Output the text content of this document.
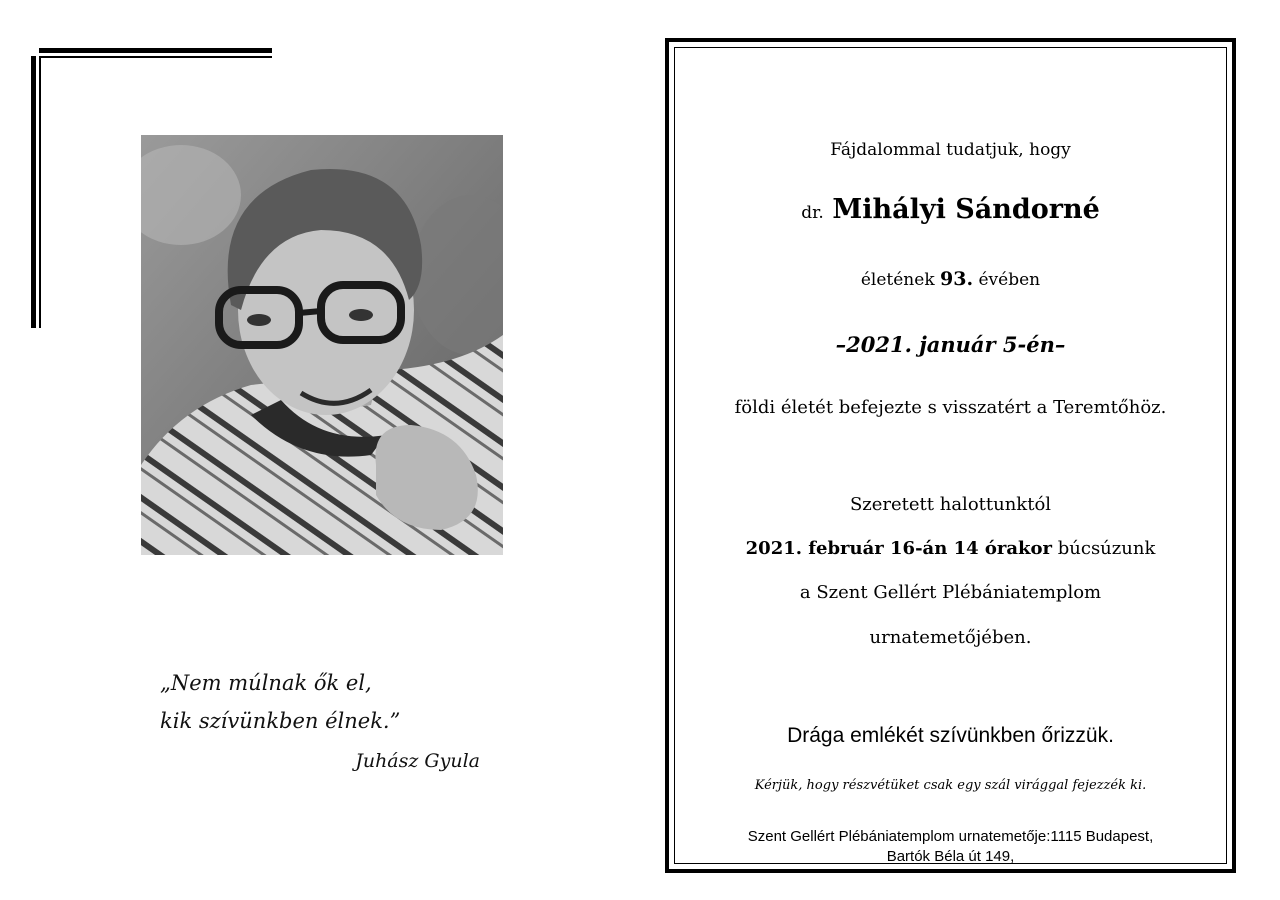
„Nem múlnak ők el,
kik szívünkben élnek.”
Juhász Gyula
Fájdalommal tudatjuk, hogy
dr. Mihályi Sándorné
életének 93. évében
–2021. január 5-én–
földi életét befejezte s visszatért a Teremtőhöz.
Szeretett halottunktól
2021. február 16-án 14 órakor búcsúzunk
a Szent Gellért Plébániatemplom
urnatemetőjében.
Drága emlékét szívünkben őrizzük.
Kérjük, hogy részvétüket csak egy szál virággal fejezzék ki.
Szent Gellért Plébániatemplom urnatemetője:1115 Budapest,
Bartók Béla út 149,
